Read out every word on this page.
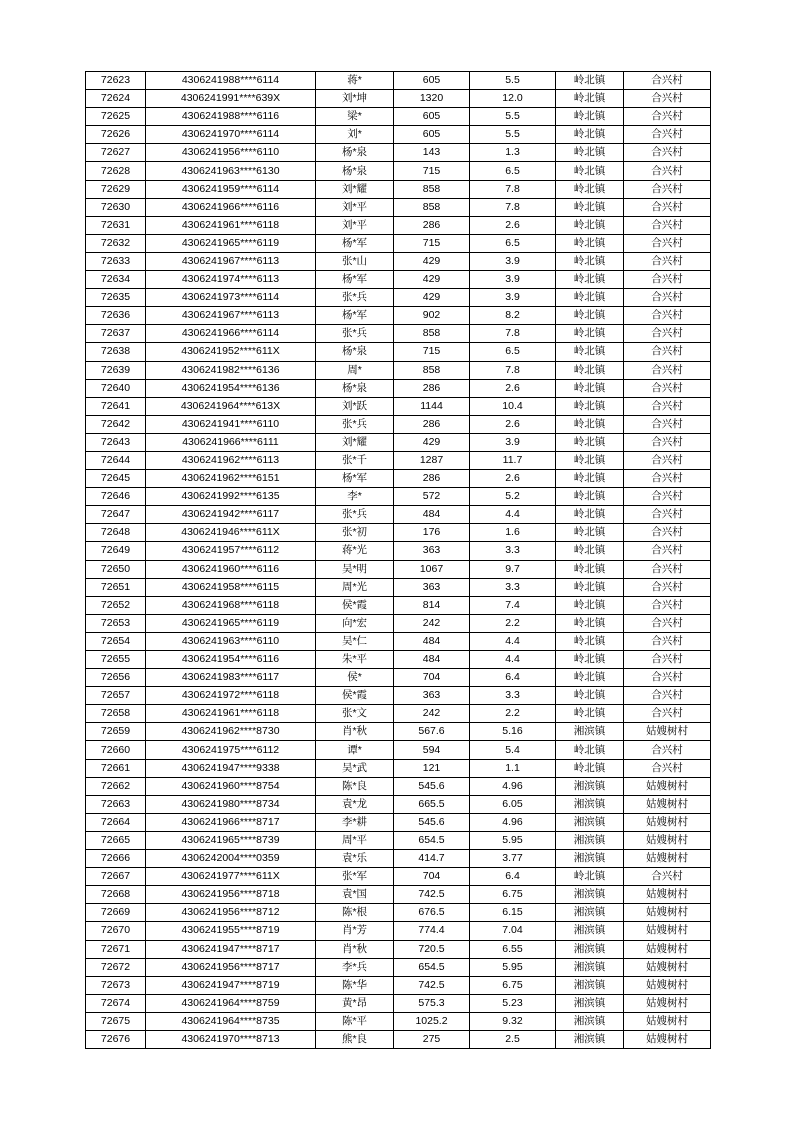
72623	4306241988****6114	蒋*	605	5.5	岭北镇	合兴村
72624	4306241991****639X	刘*坤	1320	12.0	岭北镇	合兴村
72625	4306241988****6116	梁*	605	5.5	岭北镇	合兴村
72626	4306241970****6114	刘*	605	5.5	岭北镇	合兴村
72627	4306241956****6110	杨*泉	143	1.3	岭北镇	合兴村
72628	4306241963****6130	杨*泉	715	6.5	岭北镇	合兴村
72629	4306241959****6114	刘*耀	858	7.8	岭北镇	合兴村
72630	4306241966****6116	刘*平	858	7.8	岭北镇	合兴村
72631	4306241961****6118	刘*平	286	2.6	岭北镇	合兴村
72632	4306241965****6119	杨*军	715	6.5	岭北镇	合兴村
72633	4306241967****6113	张*山	429	3.9	岭北镇	合兴村
72634	4306241974****6113	杨*军	429	3.9	岭北镇	合兴村
72635	4306241973****6114	张*兵	429	3.9	岭北镇	合兴村
72636	4306241967****6113	杨*军	902	8.2	岭北镇	合兴村
72637	4306241966****6114	张*兵	858	7.8	岭北镇	合兴村
72638	4306241952****611X	杨*泉	715	6.5	岭北镇	合兴村
72639	4306241982****6136	周*	858	7.8	岭北镇	合兴村
72640	4306241954****6136	杨*泉	286	2.6	岭北镇	合兴村
72641	4306241964****613X	刘*跃	1144	10.4	岭北镇	合兴村
72642	4306241941****6110	张*兵	286	2.6	岭北镇	合兴村
72643	4306241966****6111	刘*耀	429	3.9	岭北镇	合兴村
72644	4306241962****6113	张*千	1287	11.7	岭北镇	合兴村
72645	4306241962****6151	杨*军	286	2.6	岭北镇	合兴村
72646	4306241992****6135	李*	572	5.2	岭北镇	合兴村
72647	4306241942****6117	张*兵	484	4.4	岭北镇	合兴村
72648	4306241946****611X	张*初	176	1.6	岭北镇	合兴村
72649	4306241957****6112	蒋*光	363	3.3	岭北镇	合兴村
72650	4306241960****6116	吴*明	1067	9.7	岭北镇	合兴村
72651	4306241958****6115	周*光	363	3.3	岭北镇	合兴村
72652	4306241968****6118	侯*霞	814	7.4	岭北镇	合兴村
72653	4306241965****6119	向*宏	242	2.2	岭北镇	合兴村
72654	4306241963****6110	吴*仁	484	4.4	岭北镇	合兴村
72655	4306241954****6116	朱*平	484	4.4	岭北镇	合兴村
72656	4306241983****6117	侯*	704	6.4	岭北镇	合兴村
72657	4306241972****6118	侯*霞	363	3.3	岭北镇	合兴村
72658	4306241961****6118	张*文	242	2.2	岭北镇	合兴村
72659	4306241962****8730	肖*秋	567.6	5.16	湘滨镇	姑嫂树村
72660	4306241975****6112	谭*	594	5.4	岭北镇	合兴村
72661	4306241947****9338	吴*武	121	1.1	岭北镇	合兴村
72662	4306241960****8754	陈*良	545.6	4.96	湘滨镇	姑嫂树村
72663	4306241980****8734	袁*龙	665.5	6.05	湘滨镇	姑嫂树村
72664	4306241966****8717	李*耕	545.6	4.96	湘滨镇	姑嫂树村
72665	4306241965****8739	周*平	654.5	5.95	湘滨镇	姑嫂树村
72666	4306242004****0359	袁*乐	414.7	3.77	湘滨镇	姑嫂树村
72667	4306241977****611X	张*军	704	6.4	岭北镇	合兴村
72668	4306241956****8718	袁*国	742.5	6.75	湘滨镇	姑嫂树村
72669	4306241956****8712	陈*根	676.5	6.15	湘滨镇	姑嫂树村
72670	4306241955****8719	肖*芳	774.4	7.04	湘滨镇	姑嫂树村
72671	4306241947****8717	肖*秋	720.5	6.55	湘滨镇	姑嫂树村
72672	4306241956****8717	李*兵	654.5	5.95	湘滨镇	姑嫂树村
72673	4306241947****8719	陈*华	742.5	6.75	湘滨镇	姑嫂树村
72674	4306241964****8759	黄*昂	575.3	5.23	湘滨镇	姑嫂树村
72675	4306241964****8735	陈*平	1025.2	9.32	湘滨镇	姑嫂树村
72676	4306241970****8713	熊*良	275	2.5	湘滨镇	姑嫂树村
